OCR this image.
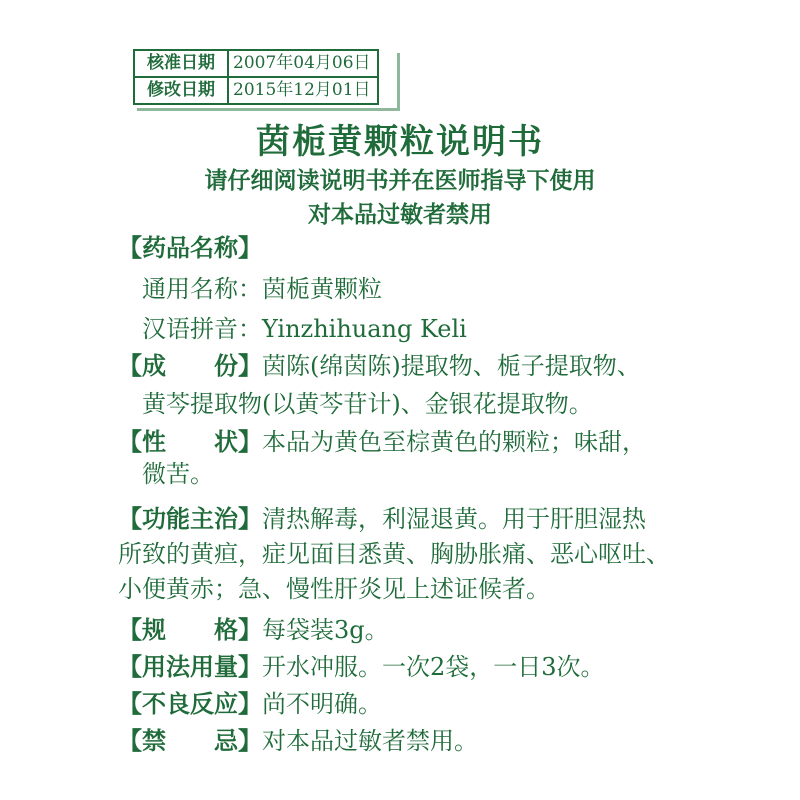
核准日期	2007年04月06日
修改日期	2015年12月01日
茵栀黄颗粒说明书
请仔细阅读说明书并在医师指导下使用
对本品过敏者禁用
【药品名称】
通用名称：茵栀黄颗粒
汉语拼音：Yinzhihuang Keli
【成　　份】茵陈(绵茵陈)提取物、栀子提取物、
黄芩提取物(以黄芩苷计)、金银花提取物。
【性　　状】本品为黄色至棕黄色的颗粒；味甜，
微苦。
【功能主治】清热解毒，利湿退黄。用于肝胆湿热
所致的黄疸，症见面目悉黄、胸胁胀痛、恶心呕吐、
小便黄赤；急、慢性肝炎见上述证候者。
【规　　格】每袋装3g。
【用法用量】开水冲服。一次2袋，一日3次。
【不良反应】尚不明确。
【禁　　忌】对本品过敏者禁用。
